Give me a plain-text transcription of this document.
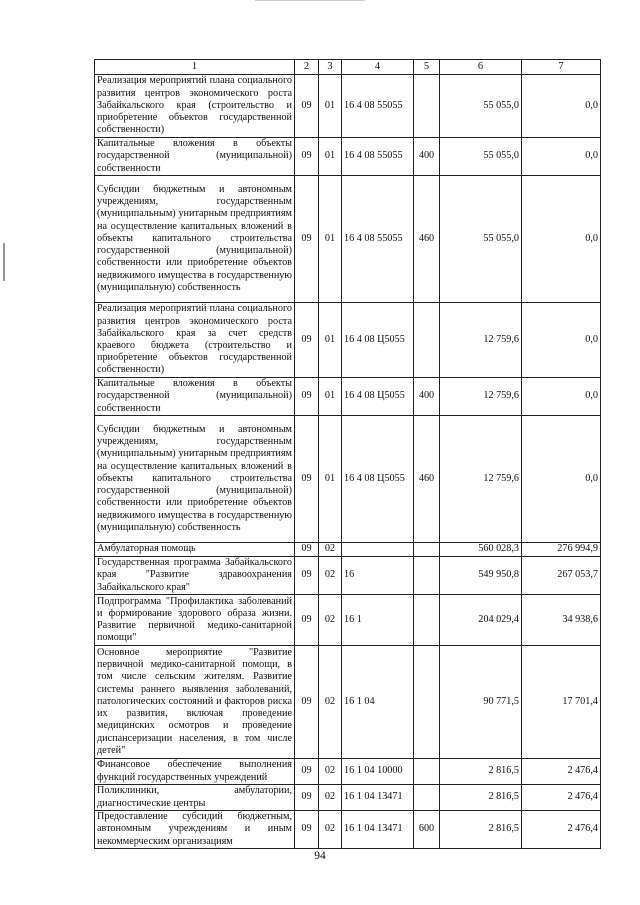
1	2	3	4	5	6	7
Реализация мероприятий плана социального развития центров экономического роста Забайкальского края (строительство и приобретение объектов государственной собственности)	09	01	16 4 08 55055		55 055,0	0,0
Капитальные вложения в объекты государственной (муниципальной) собственности	09	01	16 4 08 55055	400	55 055,0	0,0
Субсидии бюджетным и автономным учреждениям, государственным (муниципальным) унитарным предприятиям на осуществление капитальных вложений в объекты капитального строительства государственной (муниципальной) собственности или приобретение объектов недвижимого имущества в государственную (муниципальную) собственность	09	01	16 4 08 55055	460	55 055,0	0,0
Реализация мероприятий плана социального развития центров экономического роста Забайкальского края за счет средств краевого бюджета (строительство и приобретение объектов государственной собственности)	09	01	16 4 08 Ц5055		12 759,6	0,0
Капитальные вложения в объекты государственной (муниципальной) собственности	09	01	16 4 08 Ц5055	400	12 759,6	0,0
Субсидии бюджетным и автономным учреждениям, государственным (муниципальным) унитарным предприятиям на осуществление капитальных вложений в объекты капитального строительства государственной (муниципальной) собственности или приобретение объектов недвижимого имущества в государственную (муниципальную) собственность	09	01	16 4 08 Ц5055	460	12 759,6	0,0
Амбулаторная помощь	09	02			560 028,3	276 994,9
Государственная программа Забайкальского края "Развитие здравоохранения Забайкальского края"	09	02	16		549 950,8	267 053,7
Подпрограмма "Профилактика заболеваний и формирование здорового образа жизни. Развитие первичной медико-санитарной помощи"	09	02	16 1		204 029,4	34 938,6
Основное мероприятие "Развитие первичной медико-санитарной помощи, в том числе сельским жителям. Развитие системы раннего выявления заболеваний, патологических состояний и факторов риска их развития, включая проведение медицинских осмотров и проведение диспансеризации населения, в том числе детей"	09	02	16 1 04		90 771,5	17 701,4
Финансовое обеспечение выполнения функций государственных учреждений	09	02	16 1 04 10000		2 816,5	2 476,4
Поликлиники, амбулатории, диагностические центры	09	02	16 1 04 13471		2 816,5	2 476,4
Предоставление субсидий бюджетным, автономным учреждениям и иным некоммерческим организациям	09	02	16 1 04 13471	600	2 816,5	2 476,4
94
